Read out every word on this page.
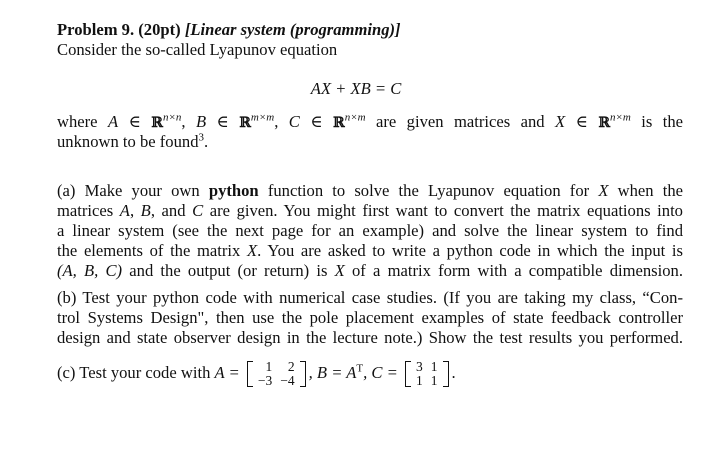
Problem 9. (20pt) [Linear system (programming)]
Consider the so-called Lyapunov equation
AX + XB = C
where A ∈ ℝ$^{n\times n}$, B ∈ ℝ$^{m\times m}$, C ∈ ℝ$^{n\times m}$ are given matrices and X ∈ ℝ$^{n\times m}$ is the
unknown to be found$^3$.
(a) Make your own python function to solve the Lyapunov equation for X when the
matrices A, B, and C are given. You might first want to convert the matrix equations into
a linear system (see the next page for an example) and solve the linear system to find
the elements of the matrix X. You are asked to write a python code in which the input is
(A, B, C) and the output (or return) is X of a matrix form with a compatible dimension.
(b) Test your python code with numerical case studies. (If you are taking my class, “Con-
trol Systems Design", then use the pole placement examples of state feedback controller
design and state observer design in the lecture note.) Show the test results you performed.
(c) Test your code with A = 1	2
−3	−4 , $B = A^T$, C = 3	1
1	1 .
